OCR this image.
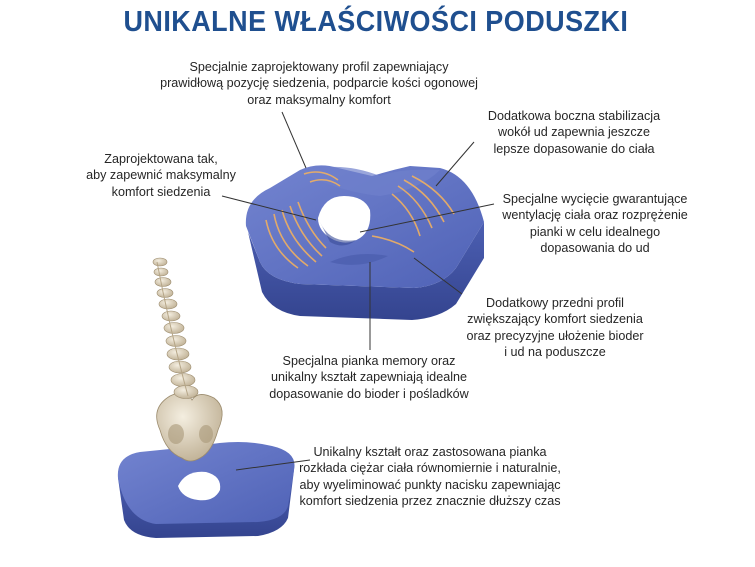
UNIKALNE WŁAŚCIWOŚCI PODUSZKI
Specjalnie zaprojektowany profil zapewniający
prawidłową pozycję siedzenia, podparcie kości ogonowej
oraz maksymalny komfort
Dodatkowa boczna stabilizacja
wokół ud zapewnia jeszcze
lepsze dopasowanie do ciała
Zaprojektowana tak,
aby zapewnić maksymalny
komfort siedzenia
Specjalne wycięcie gwarantujące
wentylację ciała oraz rozprężenie
pianki w celu idealnego
dopasowania do ud
Dodatkowy przedni profil
zwiększający komfort siedzenia
oraz precyzyjne ułożenie bioder
i ud na poduszcze
Specjalna pianka memory oraz
unikalny kształt zapewniają idealne
dopasowanie do bioder i pośladków
Unikalny kształt oraz zastosowana pianka
rozkłada ciężar ciała równomiernie i naturalnie,
aby wyeliminować punkty nacisku zapewniając
komfort siedzenia przez znacznie dłuższy czas
